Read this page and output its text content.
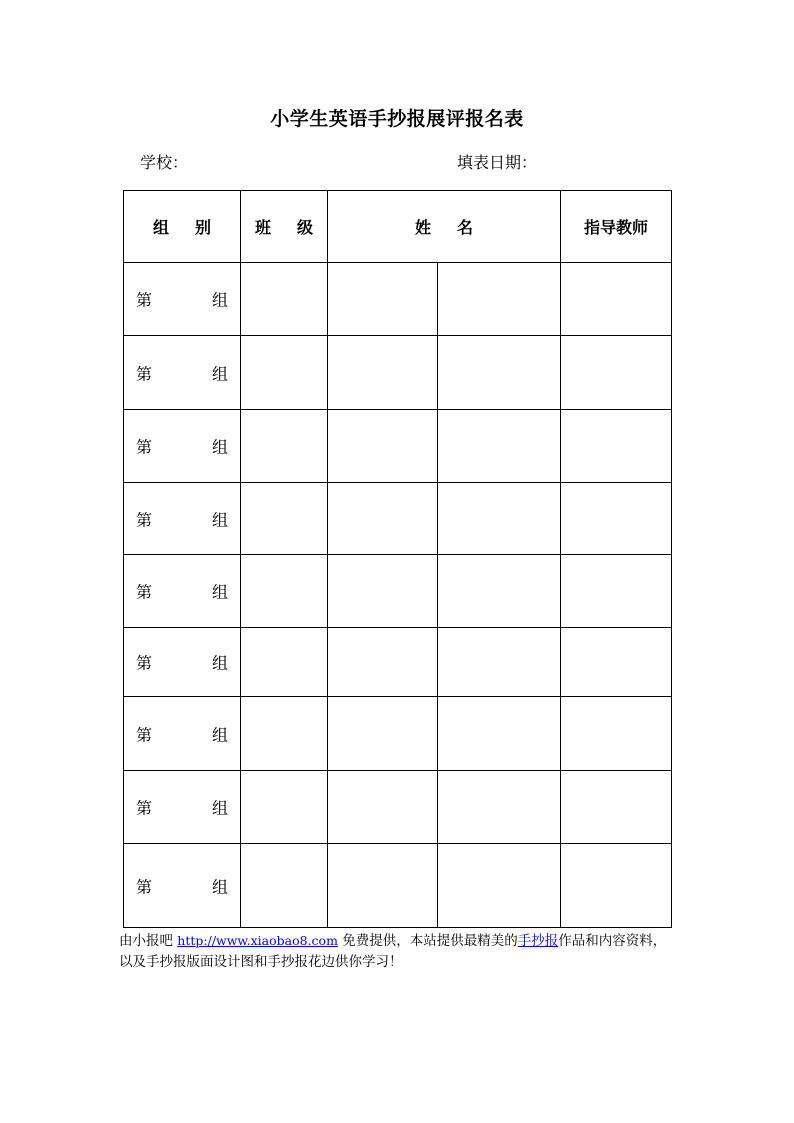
小学生英语手抄报展评报名表
学校：	填表日期：
组 别	班 级	姓 名		指导教师

第 组				

第 组				

第 组				

第 组				

第 组				

第 组				

第 组				

第 组				

第 组				

由小报吧 http://www.xiaobao8.com 免费提供，本站提供最精美的手抄报作品和内容资料，
以及手抄报版面设计图和手抄报花边供你学习！
